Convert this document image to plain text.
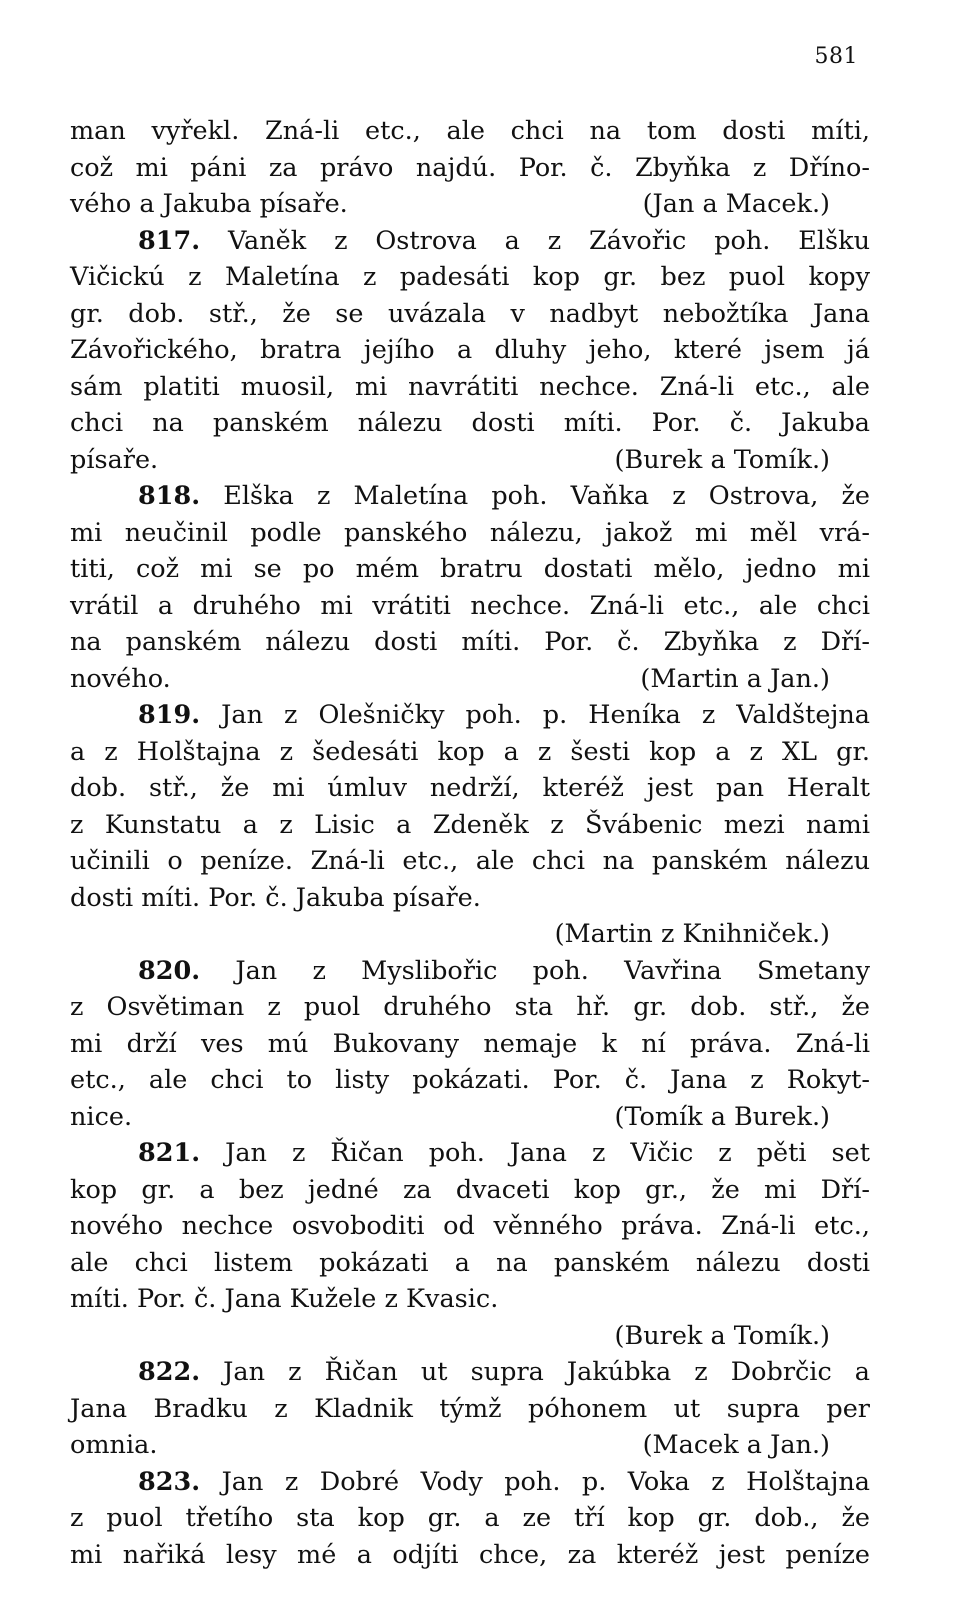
581
man vyřekl. Zná-li etc., ale chci na tom dosti míti,
což mi páni za právo najdú. Por. č. Zbyňka z Dříno-
vého a Jakuba písaře.	(Jan a Macek.)
817. Vaněk z Ostrova a z Závořic poh. Elšku
Vičickú z Maletína z padesáti kop gr. bez puol kopy
gr. dob. stř., že se uvázala v nadbyt nebožtíka Jana
Závořického, bratra jejího a dluhy jeho, které jsem já
sám platiti muosil, mi navrátiti nechce. Zná-li etc., ale
chci na panském nálezu dosti míti. Por. č. Jakuba
písaře.	(Burek a Tomík.)
818. Elška z Maletína poh. Vaňka z Ostrova, že
mi neučinil podle panského nálezu, jakož mi měl vrá-
titi, což mi se po mém bratru dostati mělo, jedno mi
vrátil a druhého mi vrátiti nechce. Zná-li etc., ale chci
na panském nálezu dosti míti. Por. č. Zbyňka z Dří-
nového.	(Martin a Jan.)
819. Jan z Olešničky poh. p. Heníka z Valdštejna
a z Holštajna z šedesáti kop a z šesti kop a z XL gr.
dob. stř., že mi úmluv nedrží, kteréž jest pan Heralt
z Kunstatu a z Lisic a Zdeněk z Švábenic mezi nami
učinili o peníze. Zná-li etc., ale chci na panském nálezu
dosti míti. Por. č. Jakuba písaře.
(Martin z Knihniček.)
820. Jan z Myslibořic poh. Vavřina Smetany
z Osvětiman z puol druhého sta hř. gr. dob. stř., že
mi drží ves mú Bukovany nemaje k ní práva. Zná-li
etc., ale chci to listy pokázati. Por. č. Jana z Rokyt-
nice.	(Tomík a Burek.)
821. Jan z Řičan poh. Jana z Vičic z pěti set
kop gr. a bez jedné za dvaceti kop gr., že mi Dří-
nového nechce osvoboditi od věnného práva. Zná-li etc.,
ale chci listem pokázati a na panském nálezu dosti
míti. Por. č. Jana Kužele z Kvasic.
(Burek a Tomík.)
822. Jan z Řičan ut supra Jakúbka z Dobrčic a
Jana Bradku z Kladnik týmž póhonem ut supra per
omnia.	(Macek a Jan.)
823. Jan z Dobré Vody poh. p. Voka z Holštajna
z puol třetího sta kop gr. a ze tří kop gr. dob., že
mi nařiká lesy mé a odjíti chce, za kteréž jest peníze
